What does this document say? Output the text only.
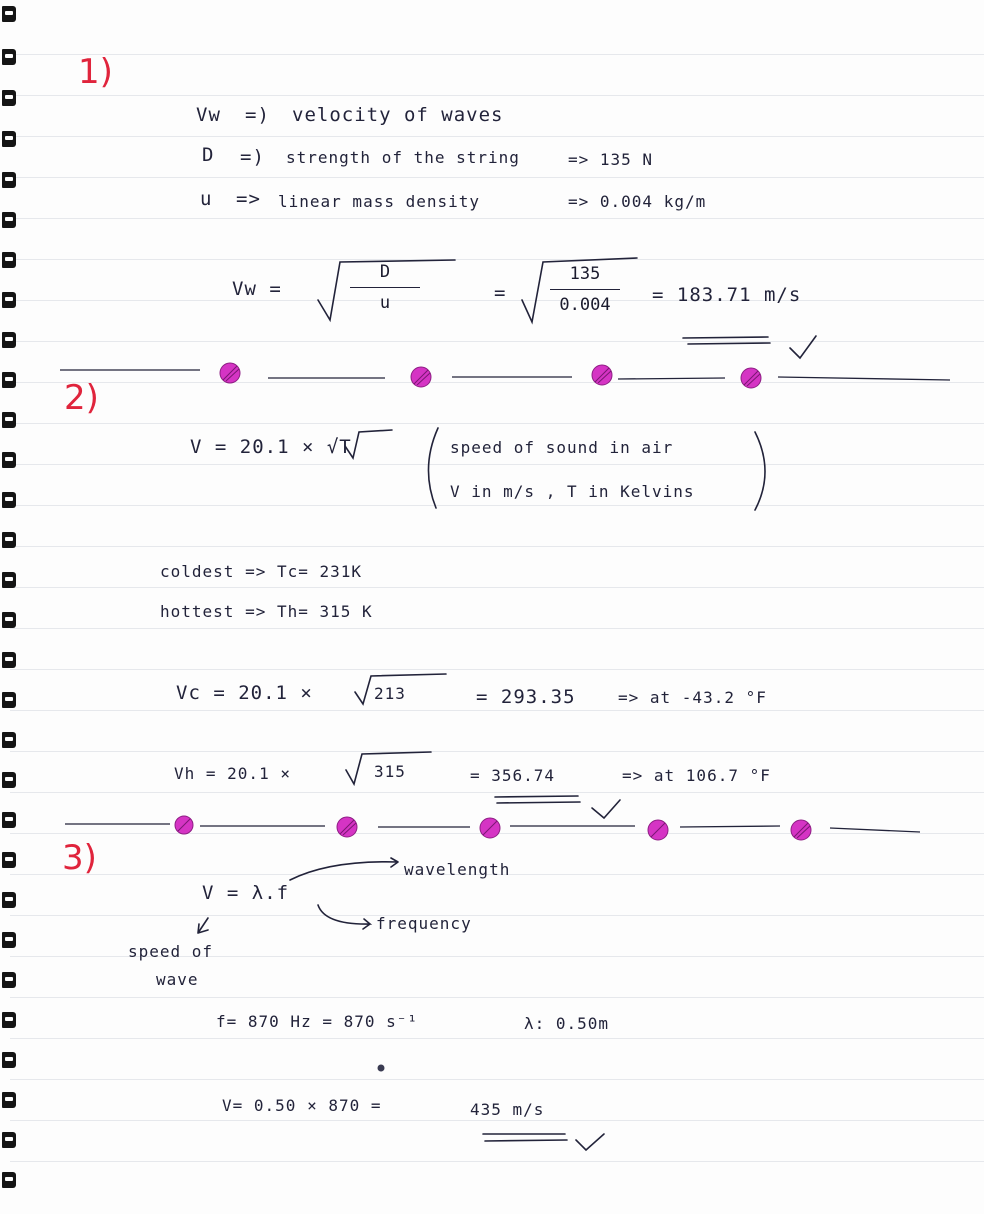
1)
Vw =) velocity of waves
D =) strength of the string	=> 135 N
u => linear mass density	=> 0.004 kg/m
Vw =
D
u	=
135
0.004	= 183.71 m/s
2)
V = 20.1 × √T	speed of sound in air
V in m/s , T in Kelvins
coldest => Tc= 231K
hottest => Th= 315 K
Vc = 20.1 ×	213	= 293.35	=> at -43.2 °F
Vh = 20.1 ×	315	= 356.74	=> at 106.7 °F
3)
V = λ.f
wavelength
frequency
speed of
wave
f= 870 Hz = 870 s⁻¹	λ: 0.50m
V= 0.50 × 870 =	435 m/s
